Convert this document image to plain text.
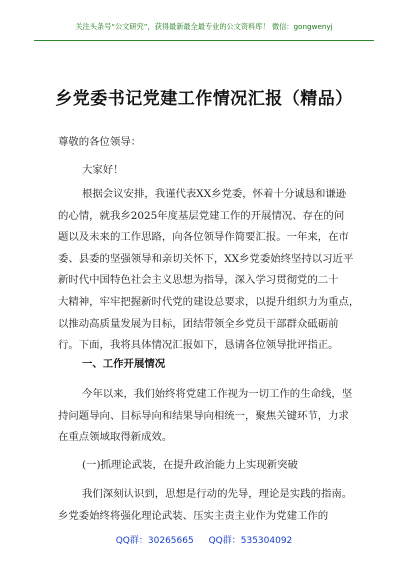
关注头条号“公文研究”，获得最新最全最专业的公文资料库！ 微信：gongwenyj
乡党委书记党建工作情况汇报（精品）
尊敬的各位领导：
大家好！
根据会议安排，我谨代表XX乡党委，怀着十分诚恳和谦逊
的心情，就我乡2025年度基层党建工作的开展情况、存在的问
题以及未来的工作思路，向各位领导作简要汇报。一年来，在市
委、县委的坚强领导和亲切关怀下，XX乡党委始终坚持以习近平
新时代中国特色社会主义思想为指导，深入学习贯彻党的二十
大精神，牢牢把握新时代党的建设总要求，以提升组织力为重点，
以推动高质量发展为目标，团结带领全乡党员干部群众砥砺前
行。下面，我将具体情况汇报如下，恳请各位领导批评指正。
一、工作开展情况
今年以来，我们始终将党建工作视为一切工作的生命线，坚
持问题导向、目标导向和结果导向相统一，聚焦关键环节，力求
在重点领域取得新成效。
(一)抓理论武装，在提升政治能力上实现新突破
我们深刻认识到，思想是行动的先导，理论是实践的指南。
乡党委始终将强化理论武装、压实主责主业作为党建工作的
QQ群：30265665 QQ群：535304092
